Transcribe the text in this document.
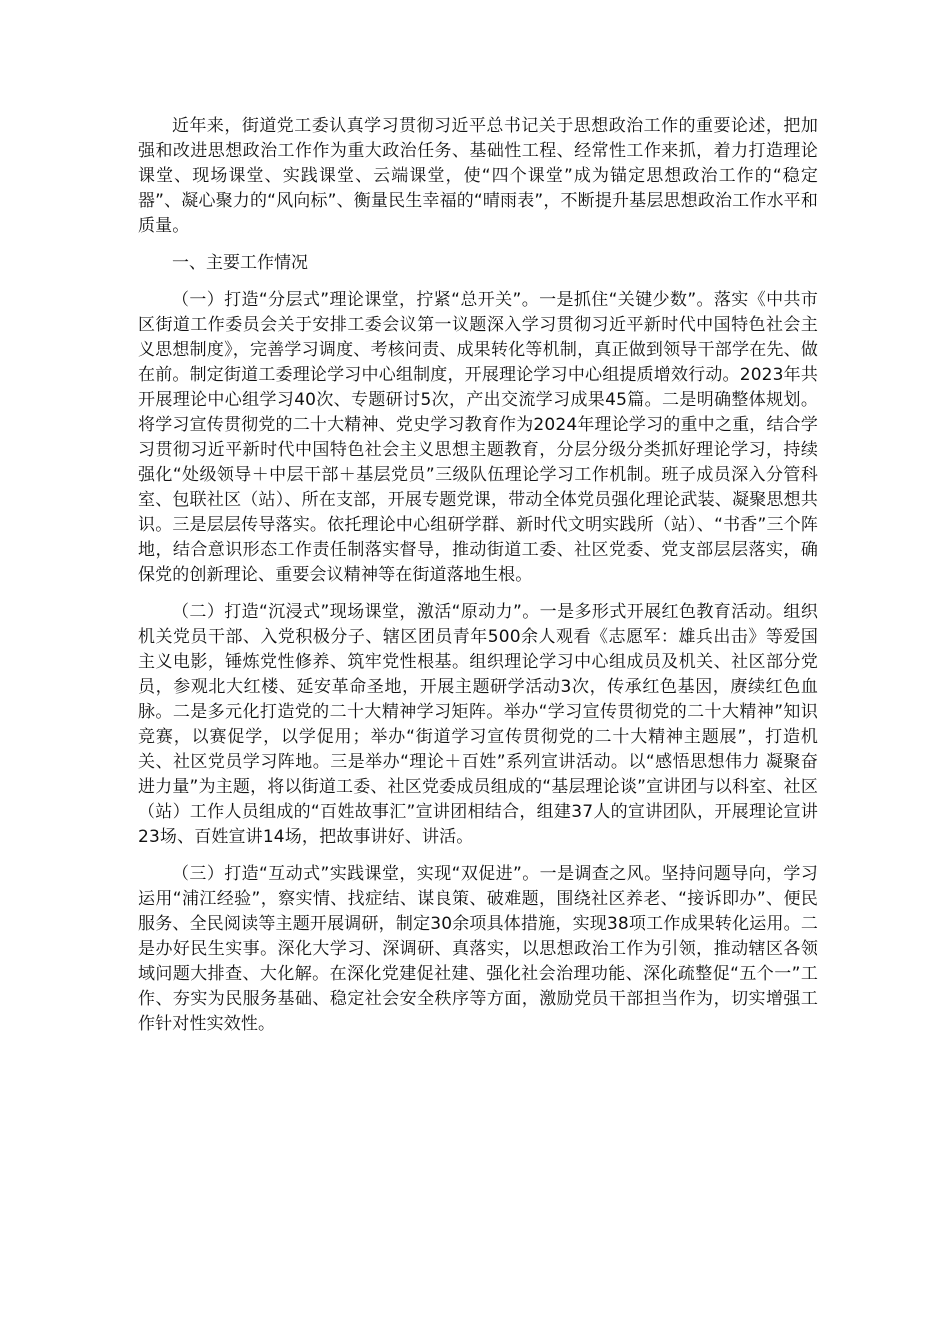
近年来，街道党工委认真学习贯彻习近平总书记关于思想政治工作的重要论述，把加强和改进思想政治工作作为重大政治任务、基础性工程、经常性工作来抓，着力打造理论课堂、现场课堂、实践课堂、云端课堂，使“四个课堂”成为锚定思想政治工作的“稳定器”、凝心聚力的“风向标”、衡量民生幸福的“晴雨表”，不断提升基层思想政治工作水平和质量。

一、主要工作情况

（一）打造“分层式”理论课堂，拧紧“总开关”。一是抓住“关键少数”。落实《中共市区街道工作委员会关于安排工委会议第一议题深入学习贯彻习近平新时代中国特色社会主义思想制度》，完善学习调度、考核问责、成果转化等机制，真正做到领导干部学在先、做在前。制定街道工委理论学习中心组制度，开展理论学习中心组提质增效行动。2023年共开展理论中心组学习40次、专题研讨5次，产出交流学习成果45篇。二是明确整体规划。将学习宣传贯彻党的二十大精神、党史学习教育作为2024年理论学习的重中之重，结合学习贯彻习近平新时代中国特色社会主义思想主题教育，分层分级分类抓好理论学习，持续强化“处级领导＋中层干部＋基层党员”三级队伍理论学习工作机制。班子成员深入分管科室、包联社区（站）、所在支部，开展专题党课，带动全体党员强化理论武装、凝聚思想共识。三是层层传导落实。依托理论中心组研学群、新时代文明实践所（站）、“书香”三个阵地，结合意识形态工作责任制落实督导，推动街道工委、社区党委、党支部层层落实，确保党的创新理论、重要会议精神等在街道落地生根。

（二）打造“沉浸式”现场课堂，激活“原动力”。一是多形式开展红色教育活动。组织机关党员干部、入党积极分子、辖区团员青年500余人观看《志愿军：雄兵出击》等爱国主义电影，锤炼党性修养、筑牢党性根基。组织理论学习中心组成员及机关、社区部分党员，参观北大红楼、延安革命圣地，开展主题研学活动3次，传承红色基因，赓续红色血脉。二是多元化打造党的二十大精神学习矩阵。举办“学习宣传贯彻党的二十大精神”知识竞赛，以赛促学，以学促用；举办“街道学习宣传贯彻党的二十大精神主题展”，打造机关、社区党员学习阵地。三是举办“理论＋百姓”系列宣讲活动。以“感悟思想伟力 凝聚奋进力量”为主题，将以街道工委、社区党委成员组成的“基层理论谈”宣讲团与以科室、社区（站）工作人员组成的“百姓故事汇”宣讲团相结合，组建37人的宣讲团队，开展理论宣讲23场、百姓宣讲14场，把故事讲好、讲活。

（三）打造“互动式”实践课堂，实现“双促进”。一是调查之风。坚持问题导向，学习运用“浦江经验”，察实情、找症结、谋良策、破难题，围绕社区养老、“接诉即办”、便民服务、全民阅读等主题开展调研，制定30余项具体措施，实现38项工作成果转化运用。二是办好民生实事。深化大学习、深调研、真落实，以思想政治工作为引领，推动辖区各领域问题大排查、大化解。在深化党建促社建、强化社会治理功能、深化疏整促“五个一”工作、夯实为民服务基础、稳定社会安全秩序等方面，激励党员干部担当作为，切实增强工作针对性实效性。
